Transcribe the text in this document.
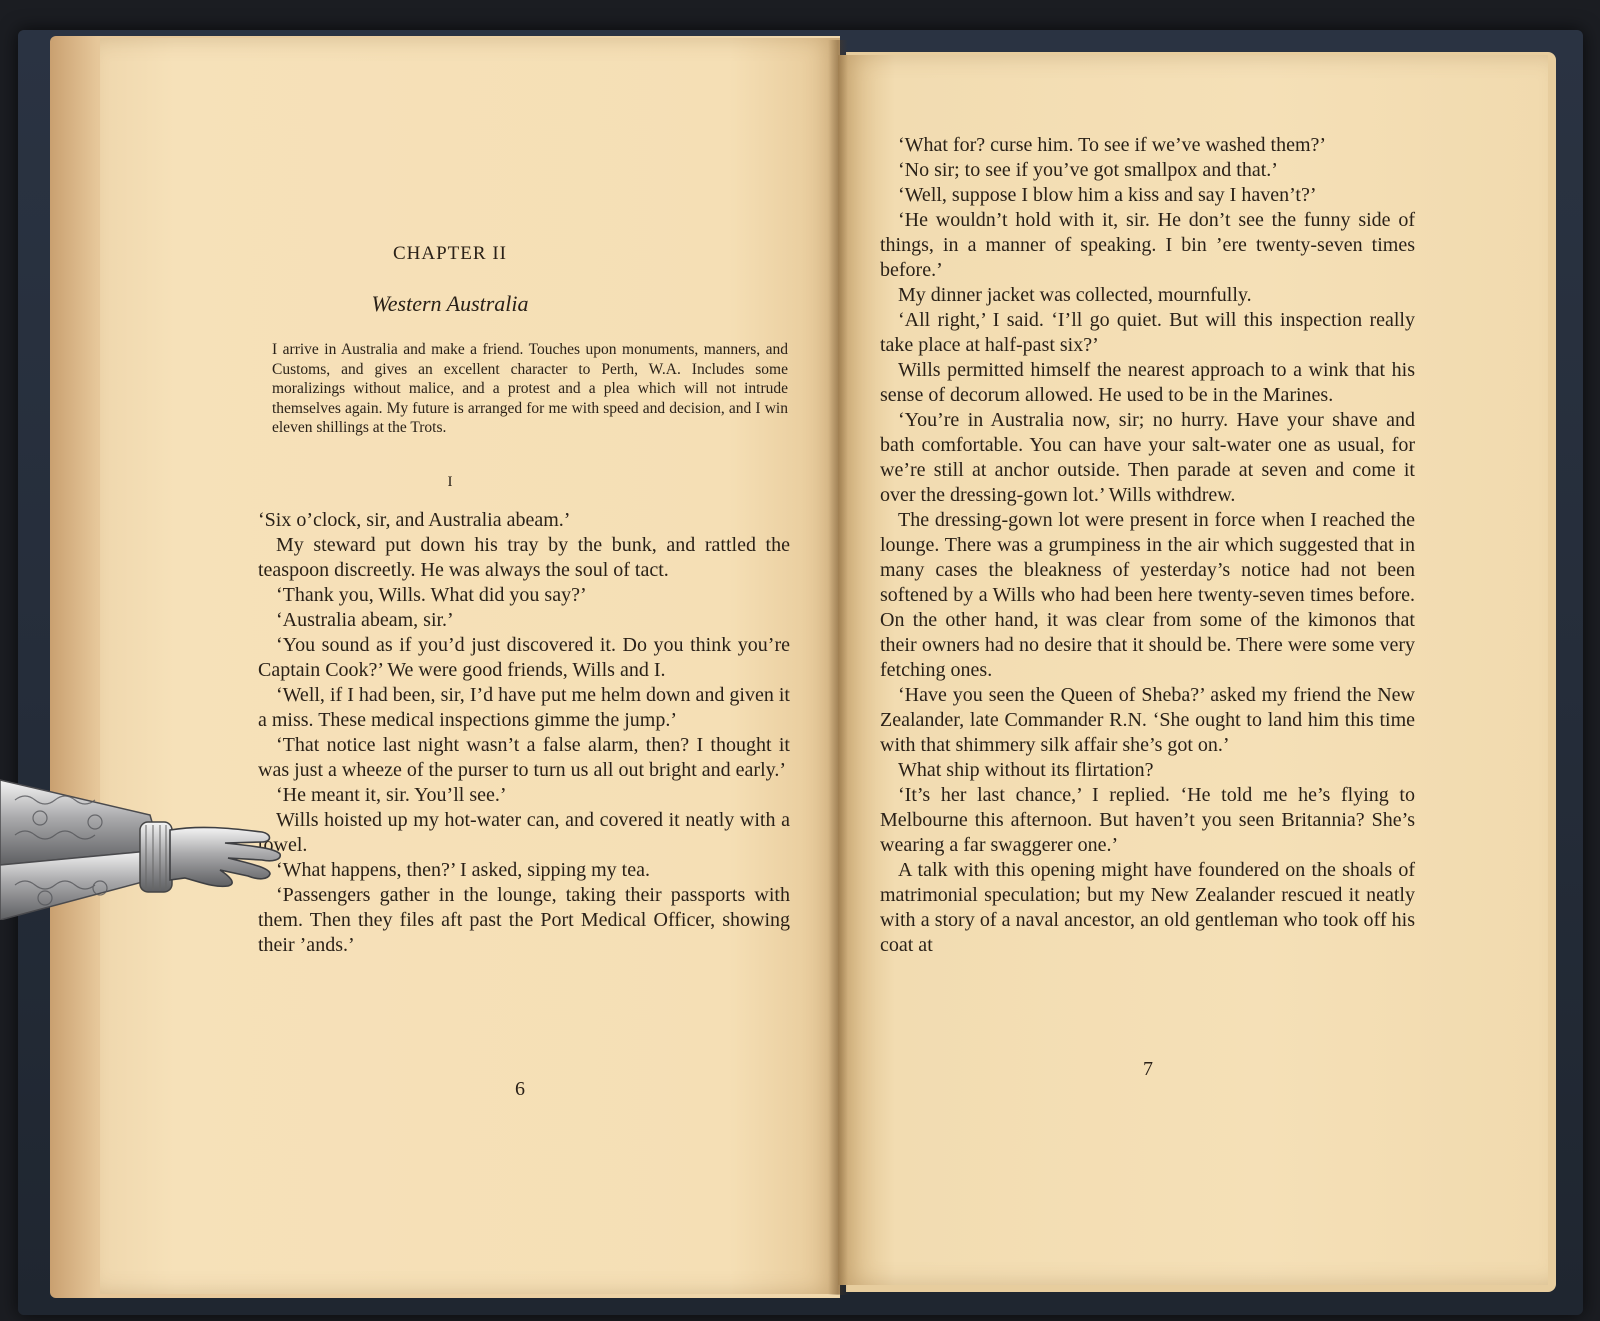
CHAPTER II
Western Australia
I arrive in Australia and make a friend. Touches upon monuments, manners, and Customs, and gives an excellent character to Perth, W.A. Includes some moralizings without malice, and a protest and a plea which will not intrude themselves again. My future is arranged for me with speed and decision, and I win eleven shillings at the Trots.
I

‘Six o’clock, sir, and Australia abeam.’

My steward put down his tray by the bunk, and rattled the teaspoon discreetly. He was always the soul of tact.

‘Thank you, Wills. What did you say?’

‘Australia abeam, sir.’

‘You sound as if you’d just discovered it. Do you think you’re Captain Cook?’ We were good friends, Wills and I.

‘Well, if I had been, sir, I’d have put me helm down and given it a miss. These medical inspections gimme the jump.’

‘That notice last night wasn’t a false alarm, then? I thought it was just a wheeze of the purser to turn us all out bright and early.’

‘He meant it, sir. You’ll see.’

Wills hoisted up my hot-water can, and covered it neatly with a towel.

‘What happens, then?’ I asked, sipping my tea.

‘Passengers gather in the lounge, taking their passports with them. Then they files aft past the Port Medical Officer, showing their ’ands.’

6

‘What for? curse him. To see if we’ve washed them?’

‘No sir; to see if you’ve got smallpox and that.’

‘Well, suppose I blow him a kiss and say I haven’t?’

‘He wouldn’t hold with it, sir. He don’t see the funny side of things, in a manner of speaking. I bin ’ere twenty-seven times before.’

My dinner jacket was collected, mournfully.

‘All right,’ I said. ‘I’ll go quiet. But will this inspection really take place at half-past six?’

Wills permitted himself the nearest approach to a wink that his sense of decorum allowed. He used to be in the Marines.

‘You’re in Australia now, sir; no hurry. Have your shave and bath comfortable. You can have your salt-water one as usual, for we’re still at anchor outside. Then parade at seven and come it over the dressing-gown lot.’ Wills withdrew.

The dressing-gown lot were present in force when I reached the lounge. There was a grumpiness in the air which suggested that in many cases the bleakness of yesterday’s notice had not been softened by a Wills who had been here twenty-seven times before. On the other hand, it was clear from some of the kimonos that their owners had no desire that it should be. There were some very fetching ones.

‘Have you seen the Queen of Sheba?’ asked my friend the New Zealander, late Commander R.N. ‘She ought to land him this time with that shimmery silk affair she’s got on.’

What ship without its flirtation?

‘It’s her last chance,’ I replied. ‘He told me he’s flying to Melbourne this afternoon. But haven’t you seen Britannia? She’s wearing a far swaggerer one.’

A talk with this opening might have foundered on the shoals of matrimonial speculation; but my New Zealander rescued it neatly with a story of a naval ancestor, an old gentleman who took off his coat at

7
